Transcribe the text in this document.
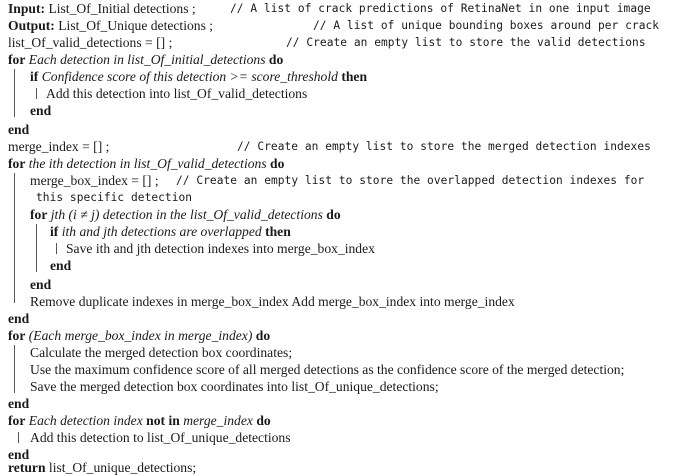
Input: List_Of_Initial detections ;	// A list of crack predictions of RetinaNet in one input image
Output: List_Of_Unique detections ;	// A list of unique bounding boxes around per crack
list_Of_valid_detections = [] ;	// Create an empty list to store the valid detections
for Each detection in list_Of_initial_detections do
if Confidence score of this detection >= score_threshold then
Add this detection into list_Of_valid_detections
end
end
merge_index = [] ;	// Create an empty list to store the merged detection indexes
for the ith detection in list_Of_valid_detections do
merge_box_index = [] ; // Create an empty list to store the overlapped detection indexes for
this specific detection
for jth (i ≠ j) detection in the list_Of_valid_detections do
if ith and jth detections are overlapped then
Save ith and jth detection indexes into merge_box_index
end
end
Remove duplicate indexes in merge_box_index Add merge_box_index into merge_index
end
for (Each merge_box_index in merge_index) do
Calculate the merged detection box coordinates;
Use the maximum confidence score of all merged detections as the confidence score of the merged detection;
Save the merged detection box coordinates into list_Of_unique_detections;
end
for Each detection index not in merge_index do
Add this detection to list_Of_unique_detections
end
return list_Of_unique_detections;
